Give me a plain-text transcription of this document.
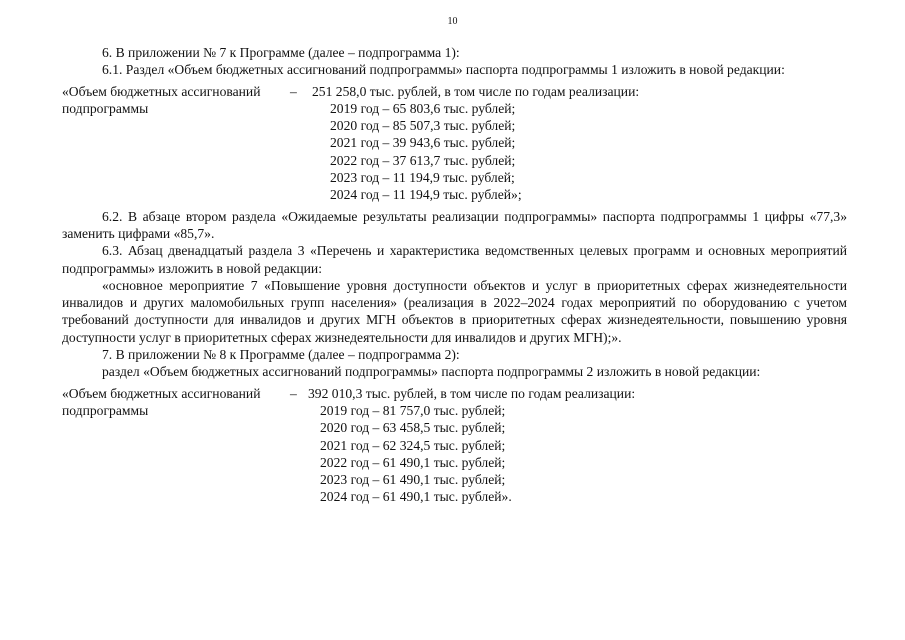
10

6. В приложении № 7 к Программе (далее – подпрограмма 1):

6.1. Раздел «Объем бюджетных ассигнований подпрограммы» паспорта подпрограммы 1 изложить в новой редакции:

«Объем бюджетных ассигнований подпрограммы
–	251 258,0 тыс. рублей, в том числе по годам реализации:
2019 год – 65 803,6 тыс. рублей;
2020 год – 85 507,3 тыс. рублей;
2021 год – 39 943,6 тыс. рублей;
2022 год – 37 613,7 тыс. рублей;
2023 год – 11 194,9 тыс. рублей;
2024 год – 11 194,9 тыс. рублей»;

6.2. В абзаце втором раздела «Ожидаемые результаты реализации подпрограммы» паспорта подпрограммы 1 цифры «77,3» заменить цифрами «85,7».

6.3. Абзац двенадцатый раздела 3 «Перечень и характеристика ведомственных целевых программ и основных мероприятий подпрограммы» изложить в новой редакции:

«основное мероприятие 7 «Повышение уровня доступности объектов и услуг в приоритетных сферах жизнедеятельности инвалидов и других маломобильных групп населения» (реализация в 2022–2024 годах мероприятий по оборудованию с учетом требований доступности для инвалидов и других МГН объектов в приоритетных сферах жизнедеятельности, повышению уровня доступности услуг в приоритетных сферах жизнедеятельности для инвалидов и других МГН);».

7. В приложении № 8 к Программе (далее – подпрограмма 2):

раздел «Объем бюджетных ассигнований подпрограммы» паспорта подпрограммы 2 изложить в новой редакции:

«Объем бюджетных ассигнований подпрограммы
– 392 010,3 тыс. рублей, в том числе по годам реализации:
2019 год – 81 757,0 тыс. рублей;
2020 год – 63 458,5 тыс. рублей;
2021 год – 62 324,5 тыс. рублей;
2022 год – 61 490,1 тыс. рублей;
2023 год – 61 490,1 тыс. рублей;
2024 год – 61 490,1 тыс. рублей».
